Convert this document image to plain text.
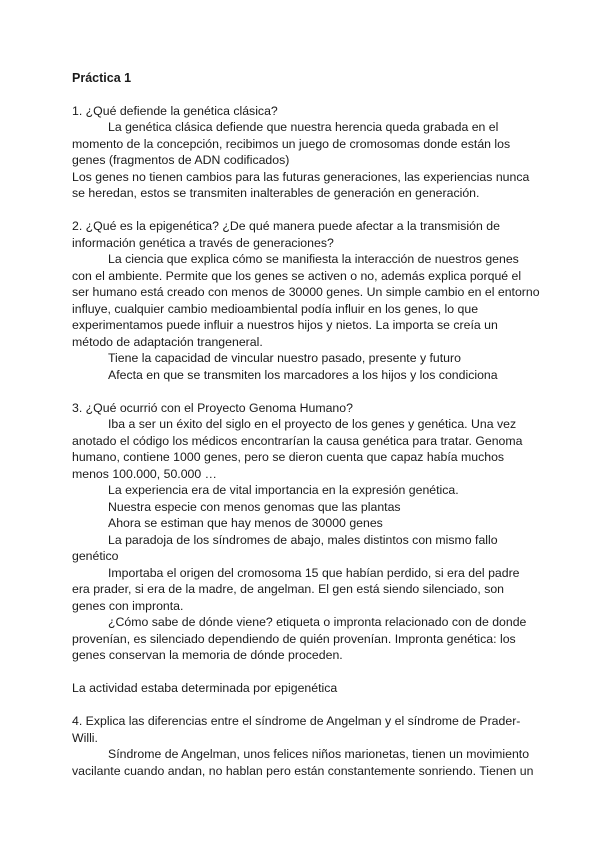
Práctica 1

1. ¿Qué defiende la genética clásica?

La genética clásica defiende que nuestra herencia queda grabada en el momento de la concepción, recibimos un juego de cromosomas donde están los genes (fragmentos de ADN codificados)

Los genes no tienen cambios para las futuras generaciones, las experiencias nunca se heredan, estos se transmiten inalterables de generación en generación.

2. ¿Qué es la epigenética? ¿De qué manera puede afectar a la transmisión de información genética a través de generaciones?

La ciencia que explica cómo se manifiesta la interacción de nuestros genes con el ambiente. Permite que los genes se activen o no, además explica porqué el ser humano está creado con menos de 30000 genes. Un simple cambio en el entorno influye, cualquier cambio medioambiental podía influir en los genes, lo que experimentamos puede influir a nuestros hijos y nietos. La importa se creía un método de adaptación trangeneral.

Tiene la capacidad de vincular nuestro pasado, presente y futuro

Afecta en que se transmiten los marcadores a los hijos y los condiciona

3. ¿Qué ocurrió con el Proyecto Genoma Humano?

Iba a ser un éxito del siglo en el proyecto de los genes y genética. Una vez anotado el código los médicos encontrarían la causa genética para tratar. Genoma humano, contiene 1000 genes, pero se dieron cuenta que capaz había muchos menos 100.000, 50.000 …

La experiencia era de vital importancia en la expresión genética.

Nuestra especie con menos genomas que las plantas

Ahora se estiman que hay menos de 30000 genes

La paradoja de los síndromes de abajo, males distintos con mismo fallo genético

Importaba el origen del cromosoma 15 que habían perdido, si era del padre era prader, si era de la madre, de angelman. El gen está siendo silenciado, son genes con impronta.

¿Cómo sabe de dónde viene? etiqueta o impronta relacionado con de donde provenían, es silenciado dependiendo de quién provenían. Impronta genética: los genes conservan la memoria de dónde proceden.

La actividad estaba determinada por epigenética

4. Explica las diferencias entre el síndrome de Angelman y el síndrome de Prader-Willi.

Síndrome de Angelman, unos felices niños marionetas, tienen un movimiento vacilante cuando andan, no hablan pero están constantemente sonriendo. Tienen un
